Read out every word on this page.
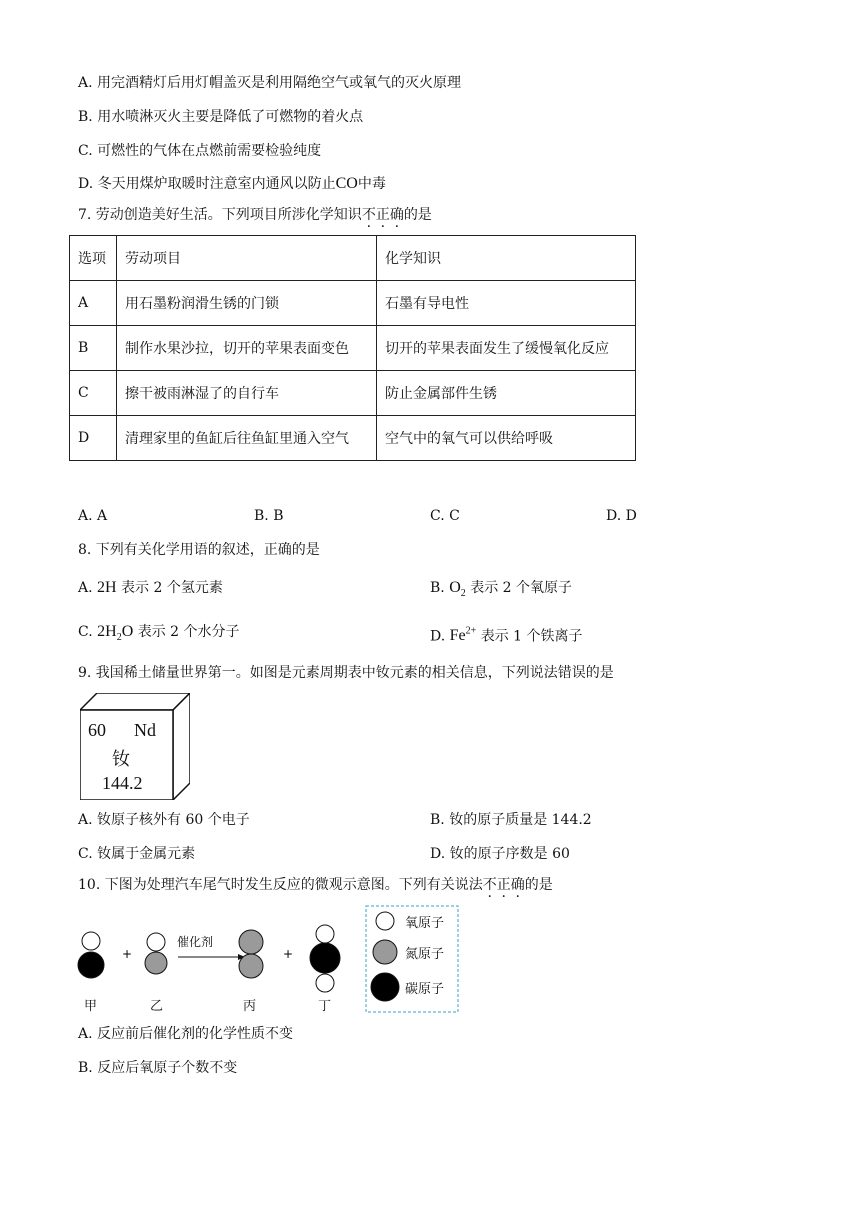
A. 用完酒精灯后用灯帽盖灭是利用隔绝空气或氧气的灭火原理
B. 用水喷淋灭火主要是降低了可燃物的着火点
C. 可燃性的气体在点燃前需要检验纯度
D. 冬天用煤炉取暖时注意室内通风以防止CO中毒
7. 劳动创造美好生活。下列项目所涉化学知识不正确的是
选项	劳动项目	化学知识
A	用石墨粉润滑生锈的门锁	石墨有导电性
B	制作水果沙拉，切开的苹果表面变色	切开的苹果表面发生了缓慢氧化反应
C	擦干被雨淋湿了的自行车	防止金属部件生锈
D	清理家里的鱼缸后往鱼缸里通入空气	空气中的氧气可以供给呼吸
A. A	B. B	C. C	D. D
8. 下列有关化学用语的叙述，正确的是
A. 2H 表示 2 个氢元素	B. $O_2$ 表示 2 个氧原子
C. $2H_2O$ 表示 2 个水分子	D. $Fe^{2+}$ 表示 1 个铁离子
9. 我国稀土储量世界第一。如图是元素周期表中钕元素的相关信息，下列说法错误的是
60 Nd
钕
144.2
A. 钕原子核外有 60 个电子	B. 钕的原子质量是 144.2
C. 钕属于金属元素	D. 钕的原子序数是 60
10. 下图为处理汽车尾气时发生反应的微观示意图。下列有关说法不正确的是
+	+
催化剂
甲	乙	丙	丁
氧原子
氮原子
碳原子
A. 反应前后催化剂的化学性质不变
B. 反应后氧原子个数不变
